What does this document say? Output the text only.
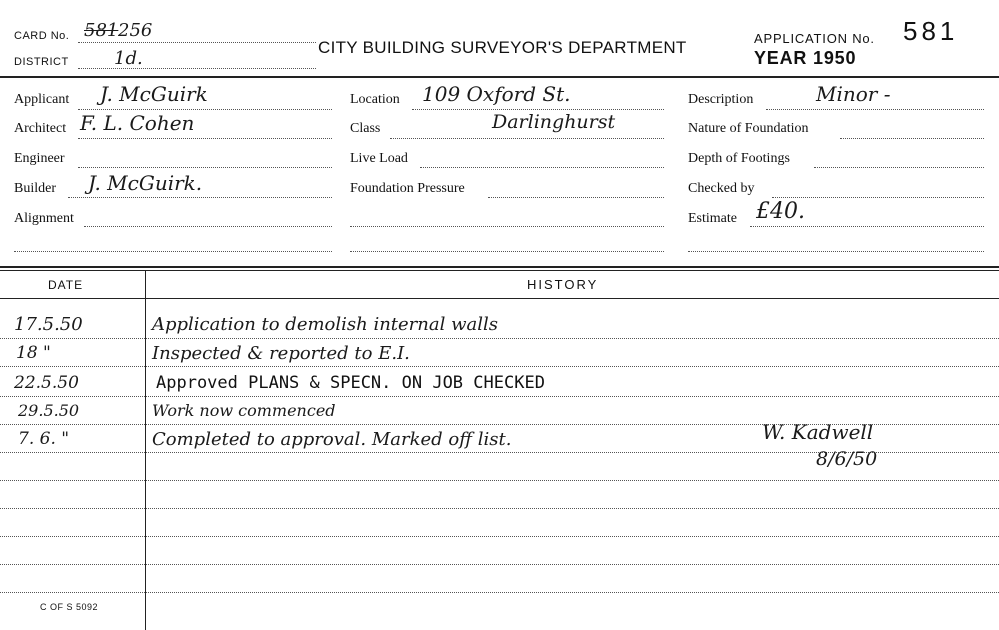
CARD No. 581 256
DISTRICT	1d.
CITY BUILDING SURVEYOR'S DEPARTMENT	APPLICATION No. 581
YEAR 1950
Applicant J. McGuirk
Architect F. L. Cohen
Engineer
Builder J. McGuirk.
Alignment
Location 109 Oxford St.
Class	Darlinghurst
Live Load
Foundation Pressure
Description	Minor -
Nature of Foundation
Depth of Footings
Checked by
Estimate £40.
DATE	HISTORY
17.5.50	Application to demolish internal walls
18 "	Inspected & reported to E.I.
22.5.50	Approved PLANS & SPECN. ON JOB CHECKED
29.5.50	Work now commenced
7. 6. "	Completed to approval. Marked off list.	W. Kadwell
8/6/50
C OF S 5092
